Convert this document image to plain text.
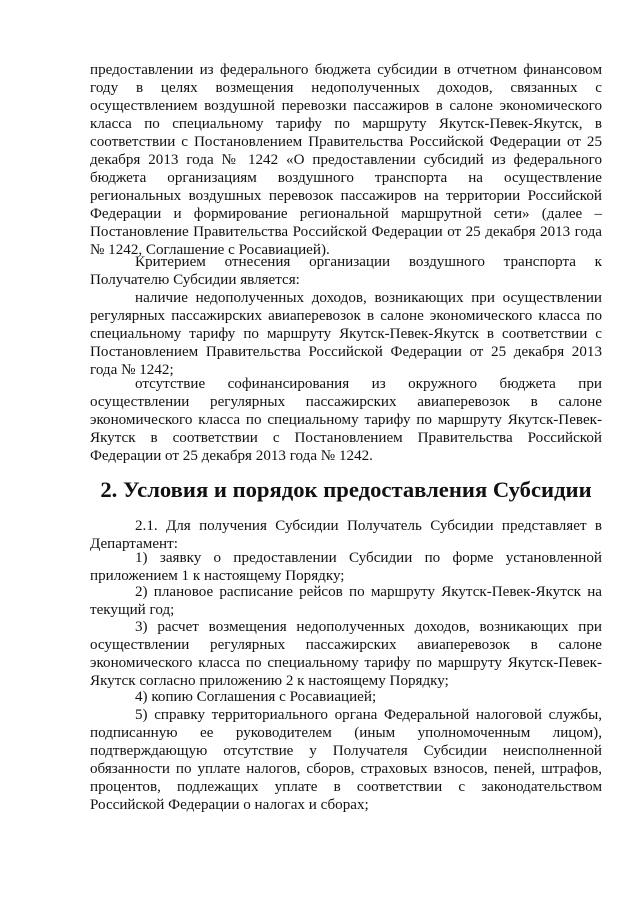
предоставлении из федерального бюджета субсидии в отчетном финансовом году в целях возмещения недополученных доходов, связанных с осуществлением воздушной перевозки пассажиров в салоне экономического класса по специальному тарифу по маршруту Якутск-Певек-Якутск, в соответствии с Постановлением Правительства Российской Федерации от 25 декабря 2013 года № 1242 «О предоставлении субсидий из федерального бюджета организациям воздушного транспорта на осуществление региональных воздушных перевозок пассажиров на территории Российской Федерации и формирование региональной маршрутной сети» (далее – Постановление Правительства Российской Федерации от 25 декабря 2013 года № 1242, Соглашение с Росавиацией).

Критерием отнесения организации воздушного транспорта к Получателю Субсидии является:

наличие недополученных доходов, возникающих при осуществлении регулярных пассажирских авиаперевозок в салоне экономического класса по специальному тарифу по маршруту Якутск-Певек-Якутск в соответствии с Постановлением Правительства Российской Федерации от 25 декабря 2013 года № 1242;

отсутствие софинансирования из окружного бюджета при осуществлении регулярных пассажирских авиаперевозок в салоне экономического класса по специальному тарифу по маршруту Якутск-Певек-Якутск в соответствии с Постановлением Правительства Российской Федерации от 25 декабря 2013 года № 1242.

2. Условия и порядок предоставления Субсидии

2.1. Для получения Субсидии Получатель Субсидии представляет в Департамент:

1) заявку о предоставлении Субсидии по форме установленной приложением 1 к настоящему Порядку;

2) плановое расписание рейсов по маршруту Якутск-Певек-Якутск на текущий год;

3) расчет возмещения недополученных доходов, возникающих при осуществлении регулярных пассажирских авиаперевозок в салоне экономического класса по специальному тарифу по маршруту Якутск-Певек-Якутск согласно приложению 2 к настоящему Порядку;

4) копию Соглашения с Росавиацией;

5) справку территориального органа Федеральной налоговой службы, подписанную ее руководителем (иным уполномоченным лицом), подтверждающую отсутствие у Получателя Субсидии неисполненной обязанности по уплате налогов, сборов, страховых взносов, пеней, штрафов, процентов, подлежащих уплате в соответствии с законодательством Российской Федерации о налогах и сборах;
